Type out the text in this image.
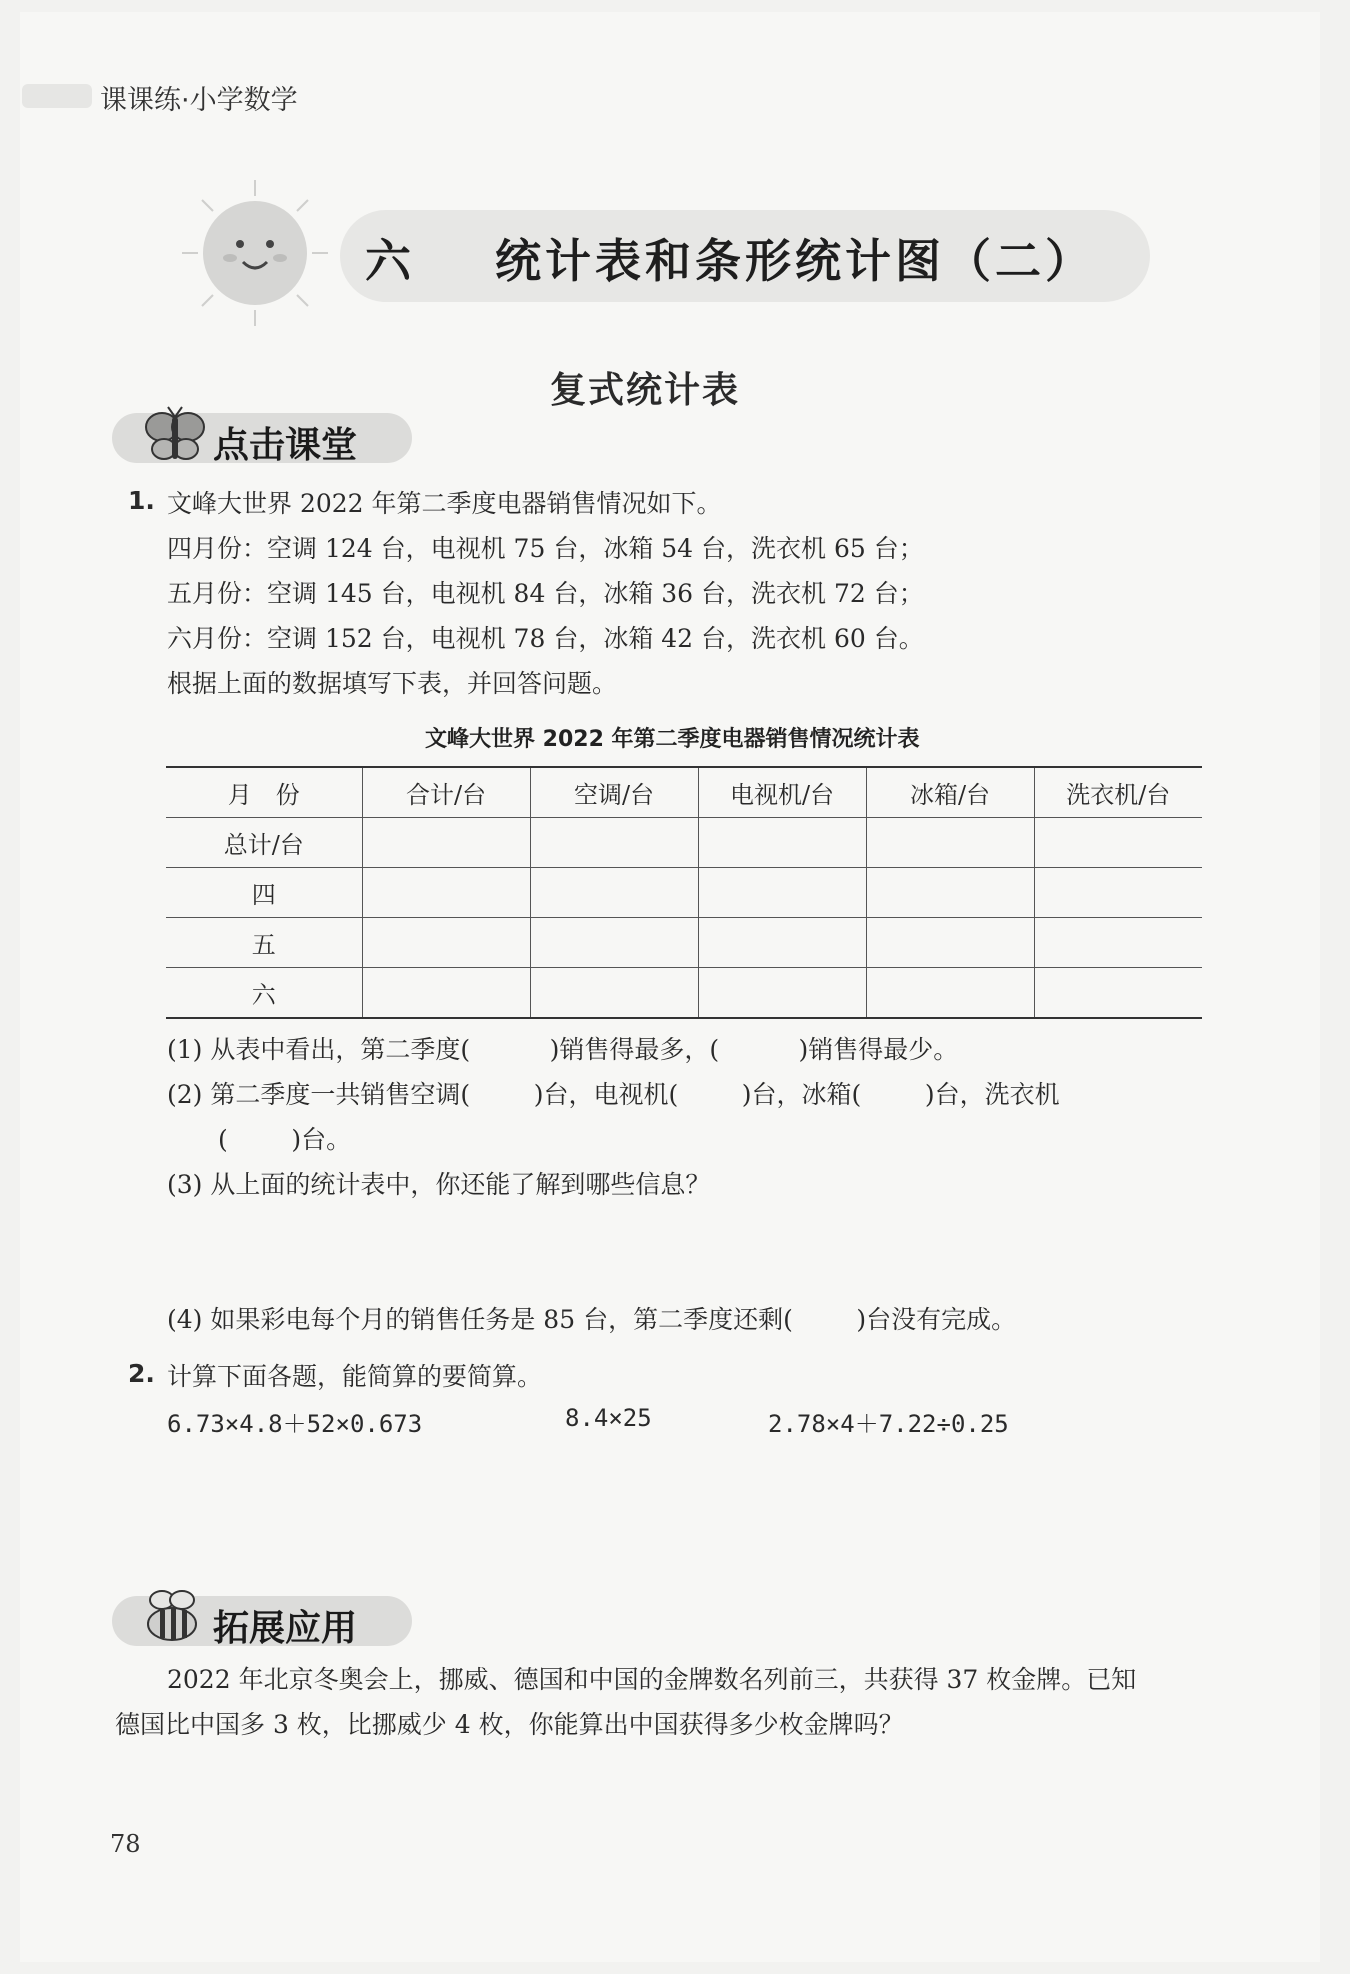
课课练·小学数学
六    统计表和条形统计图（二）
复式统计表
点击课堂
1. 文峰大世界 2022 年第二季度电器销售情况如下。
四月份：空调 124 台，电视机 75 台，冰箱 54 台，洗衣机 65 台；
五月份：空调 145 台，电视机 84 台，冰箱 36 台，洗衣机 72 台；
六月份：空调 152 台，电视机 78 台，冰箱 42 台，洗衣机 60 台。
根据上面的数据填写下表，并回答问题。
文峰大世界 2022 年第二季度电器销售情况统计表
月　份	合计/台	空调/台	电视机/台	冰箱/台	洗衣机/台
总计/台					
四					
五					
六					
(1) 从表中看出，第二季度(          )销售得最多，(          )销售得最少。
(2) 第二季度一共销售空调(        )台，电视机(        )台，冰箱(        )台，洗衣机
(        )台。
(3) 从上面的统计表中，你还能了解到哪些信息？
(4) 如果彩电每个月的销售任务是 85 台，第二季度还剩(        )台没有完成。
2. 计算下面各题，能简算的要简算。
6.73×4.8＋52×0.673	8.4×25	2.78×4＋7.22÷0.25
拓展应用
2022 年北京冬奥会上，挪威、德国和中国的金牌数名列前三，共获得 37 枚金牌。已知
德国比中国多 3 枚，比挪威少 4 枚，你能算出中国获得多少枚金牌吗？
78
